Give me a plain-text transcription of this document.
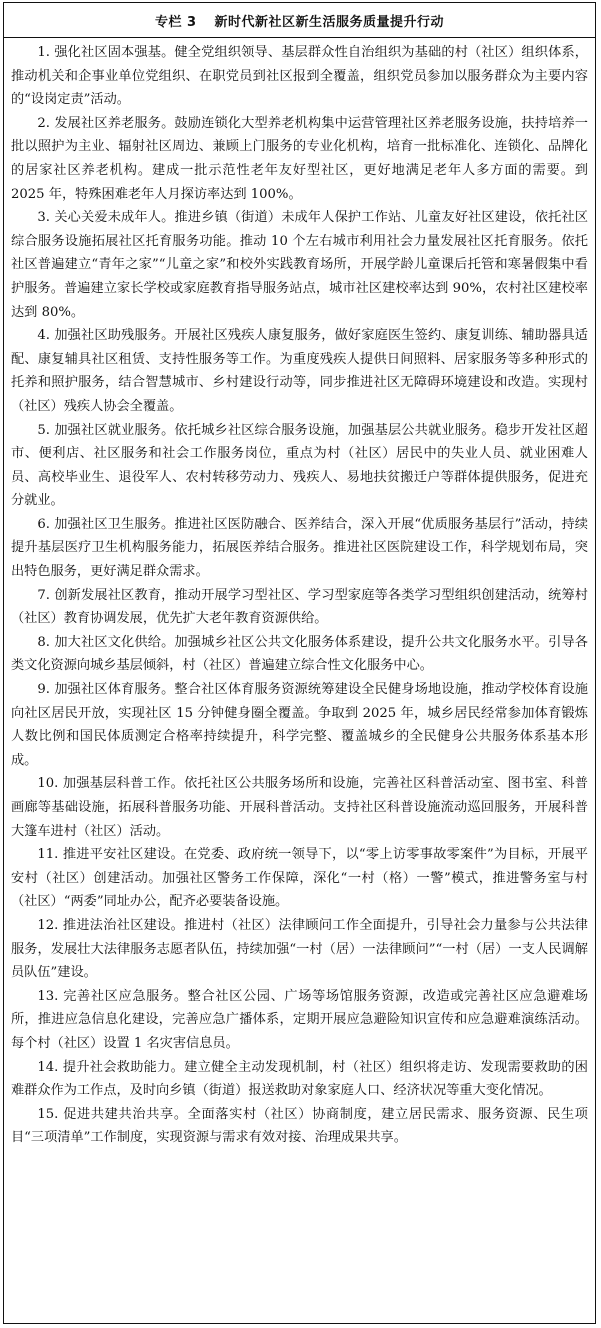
专栏 3 新时代新社区新生活服务质量提升行动

1. 强化社区固本强基。健全党组织领导、基层群众性自治组织为基础的村（社区）组织体系，推动机关和企事业单位党组织、在职党员到社区报到全覆盖，组织党员参加以服务群众为主要内容的“设岗定责”活动。

2. 发展社区养老服务。鼓励连锁化大型养老机构集中运营管理社区养老服务设施，扶持培养一批以照护为主业、辐射社区周边、兼顾上门服务的专业化机构，培育一批标准化、连锁化、品牌化的居家社区养老机构。建成一批示范性老年友好型社区，更好地满足老年人多方面的需要。到 2025 年，特殊困难老年人月探访率达到 100%。

3. 关心关爱未成年人。推进乡镇（街道）未成年人保护工作站、儿童友好社区建设，依托社区综合服务设施拓展社区托育服务功能。推动 10 个左右城市利用社会力量发展社区托育服务。依托社区普遍建立“青年之家”“儿童之家”和校外实践教育场所，开展学龄儿童课后托管和寒暑假集中看护服务。普遍建立家长学校或家庭教育指导服务站点，城市社区建校率达到 90%，农村社区建校率达到 80%。

4. 加强社区助残服务。开展社区残疾人康复服务，做好家庭医生签约、康复训练、辅助器具适配、康复辅具社区租赁、支持性服务等工作。为重度残疾人提供日间照料、居家服务等多种形式的托养和照护服务，结合智慧城市、乡村建设行动等，同步推进社区无障碍环境建设和改造。实现村（社区）残疾人协会全覆盖。

5. 加强社区就业服务。依托城乡社区综合服务设施，加强基层公共就业服务。稳步开发社区超市、便利店、社区服务和社会工作服务岗位，重点为村（社区）居民中的失业人员、就业困难人员、高校毕业生、退役军人、农村转移劳动力、残疾人、易地扶贫搬迁户等群体提供服务，促进充分就业。

6. 加强社区卫生服务。推进社区医防融合、医养结合，深入开展“优质服务基层行”活动，持续提升基层医疗卫生机构服务能力，拓展医养结合服务。推进社区医院建设工作，科学规划布局，突出特色服务，更好满足群众需求。

7. 创新发展社区教育，推动开展学习型社区、学习型家庭等各类学习型组织创建活动，统筹村（社区）教育协调发展，优先扩大老年教育资源供给。

8. 加大社区文化供给。加强城乡社区公共文化服务体系建设，提升公共文化服务水平。引导各类文化资源向城乡基层倾斜，村（社区）普遍建立综合性文化服务中心。

9. 加强社区体育服务。整合社区体育服务资源统筹建设全民健身场地设施，推动学校体育设施向社区居民开放，实现社区 15 分钟健身圈全覆盖。争取到 2025 年，城乡居民经常参加体育锻炼人数比例和国民体质测定合格率持续提升，科学完整、覆盖城乡的全民健身公共服务体系基本形成。

10. 加强基层科普工作。依托社区公共服务场所和设施，完善社区科普活动室、图书室、科普画廊等基础设施，拓展科普服务功能、开展科普活动。支持社区科普设施流动巡回服务，开展科普大篷车进村（社区）活动。

11. 推进平安社区建设。在党委、政府统一领导下，以“零上访零事故零案件”为目标，开展平安村（社区）创建活动。加强社区警务工作保障，深化“一村（格）一警”模式，推进警务室与村（社区）“两委”同址办公，配齐必要装备设施。

12. 推进法治社区建设。推进村（社区）法律顾问工作全面提升，引导社会力量参与公共法律服务，发展壮大法律服务志愿者队伍，持续加强“一村（居）一法律顾问”“一村（居）一支人民调解员队伍”建设。

13. 完善社区应急服务。整合社区公园、广场等场馆服务资源，改造或完善社区应急避难场所，推进应急信息化建设，完善应急广播体系，定期开展应急避险知识宣传和应急避难演练活动。每个村（社区）设置 1 名灾害信息员。

14. 提升社会救助能力。建立健全主动发现机制，村（社区）组织将走访、发现需要救助的困难群众作为工作点，及时向乡镇（街道）报送救助对象家庭人口、经济状况等重大变化情况。

15. 促进共建共治共享。全面落实村（社区）协商制度，建立居民需求、服务资源、民生项目“三项清单”工作制度，实现资源与需求有效对接、治理成果共享。
